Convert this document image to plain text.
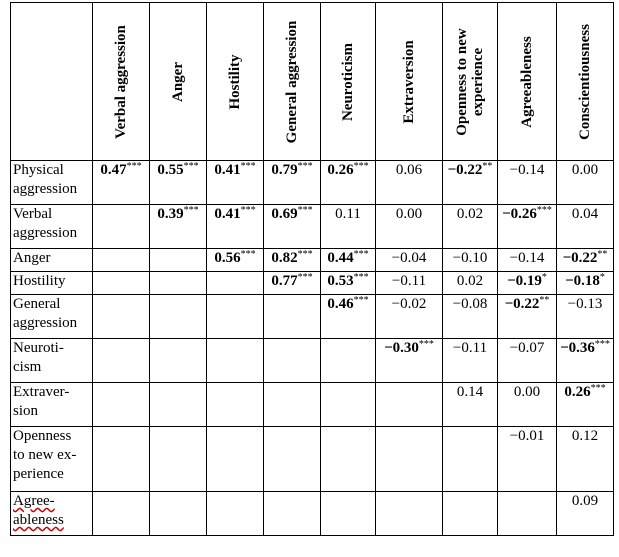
	Verbal aggression	Anger	Hostility	General aggression	Neuroticism	Extraversion	Openness to new experience	Agreeableness	Conscientiousness

Physical
aggression	0.47***	0.55***	0.41***	0.79***	0.26***	0.06	−0.22**	−0.14	0.00
Verbal
aggression		0.39***	0.41***	0.69***	0.11	0.00	0.02	−0.26***	0.04
Anger			0.56***	0.82***	0.44***	−0.04	−0.10	−0.14	−0.22**
Hostility				0.77***	0.53***	−0.11	0.02	−0.19*	−0.18*
General
aggression					0.46***	−0.02	−0.08	−0.22**	−0.13
Neuroti-
cism						−0.30***	−0.11	−0.07	−0.36***
Extraver-
sion							0.14	0.00	0.26***
Openness
to new ex-
perience								−0.01	0.12
Agree-
ableness									0.09
